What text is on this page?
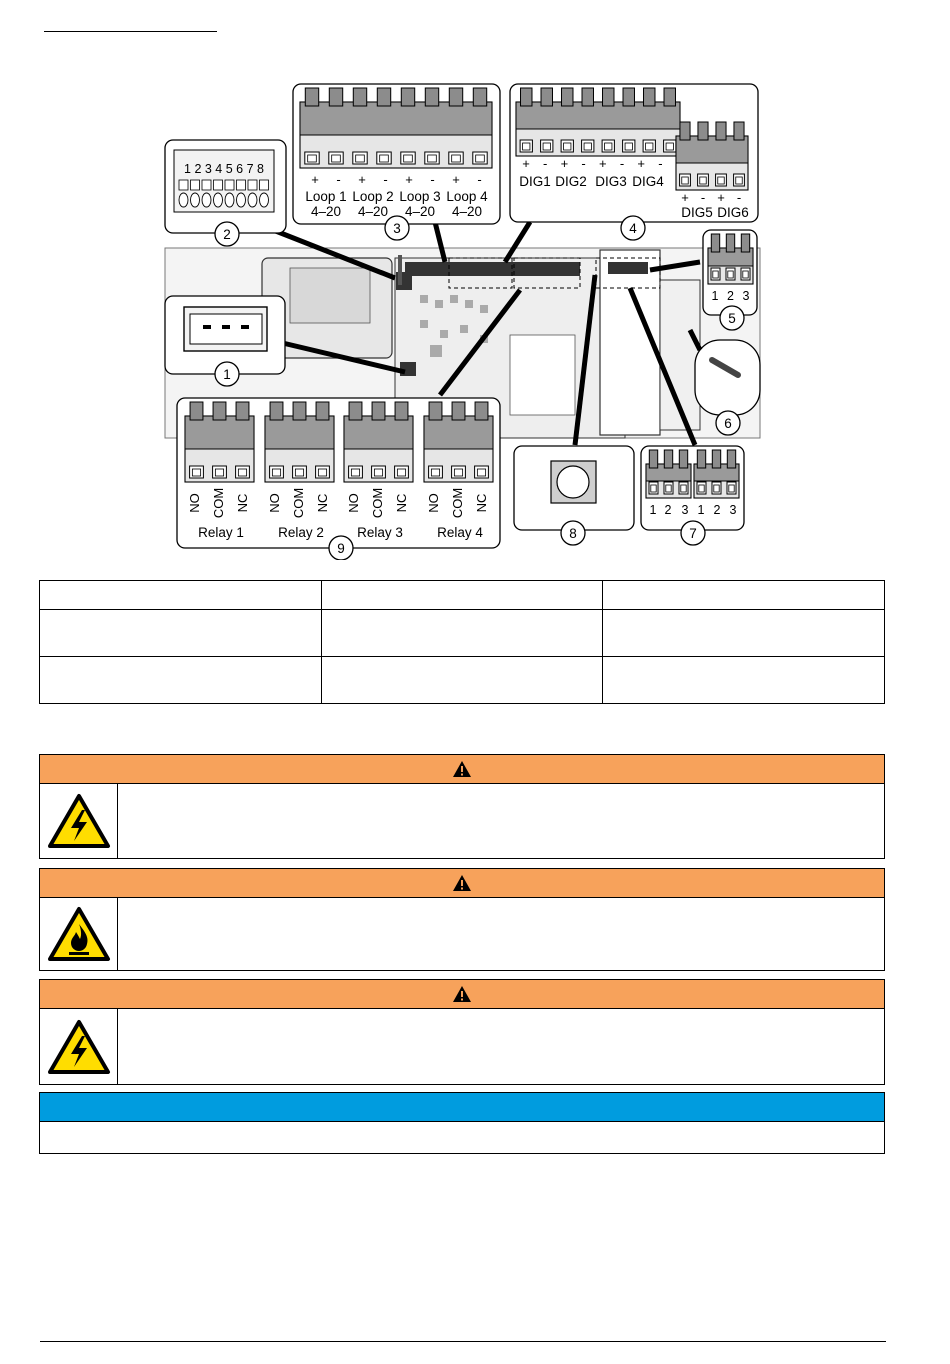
1 2 3 4 5 6 7 8
+ - + - + - + -
Loop 1
4–20
Loop 2
4–20
Loop 3
4–20
Loop 4
4–20
+ - + - + - + -
DIG1 DIG2 DIG3 DIG4
+ - + -
DIG5 DIG6
1 2 3
1 2 3 1 2 3
NO COM NC NO COM NC NO COM NC NO COM NC
Relay 1	Relay 2 Relay 3	Relay 4
1
2	3	4
5
6
7
8
9
